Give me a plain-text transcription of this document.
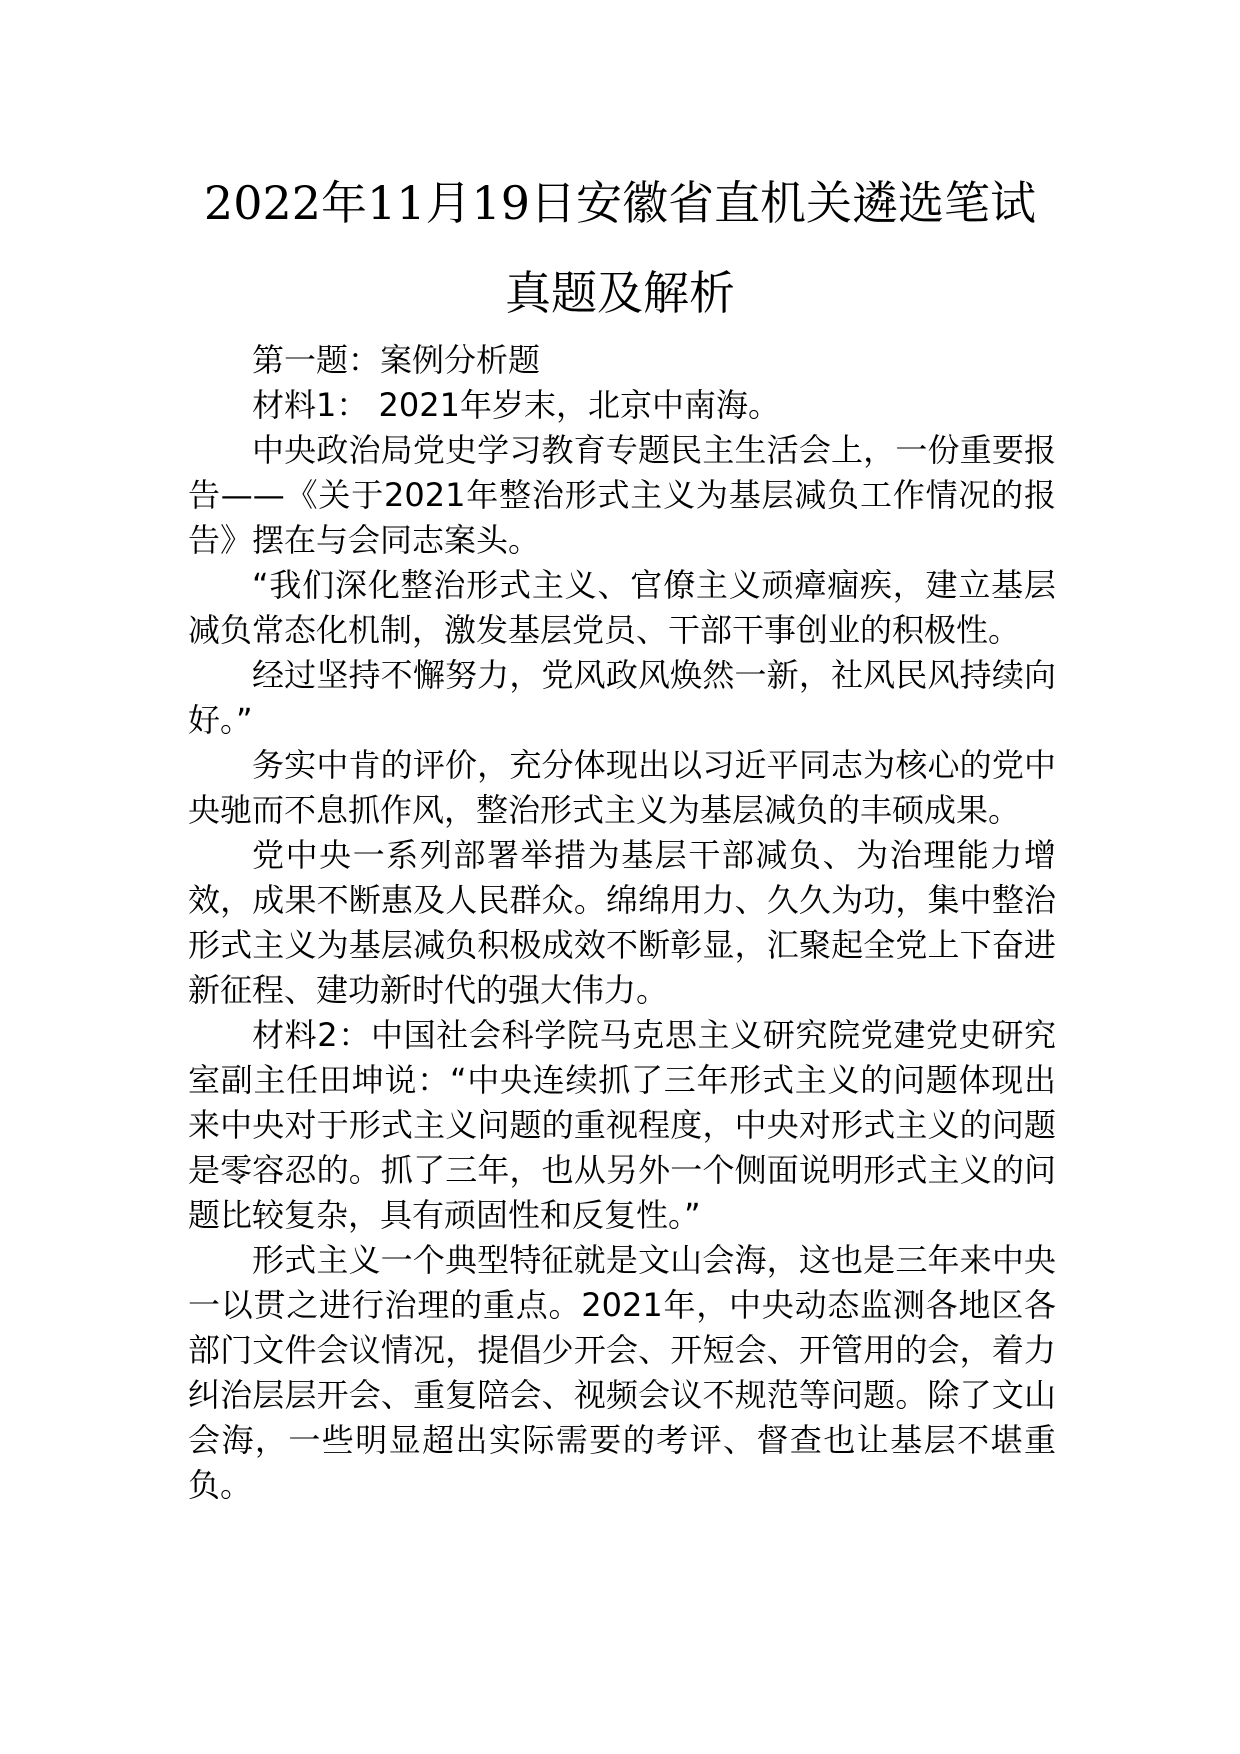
2022年11月19日安徽省直机关遴选笔试
真题及解析

第一题：案例分析题

材料1： 2021年岁末，北京中南海。

中央政治局党史学习教育专题民主生活会上，一份重要报告——《关于2021年整治形式主义为基层减负工作情况的报告》摆在与会同志案头。

“我们深化整治形式主义、官僚主义顽瘴痼疾，建立基层减负常态化机制，激发基层党员、干部干事创业的积极性。

经过坚持不懈努力，党风政风焕然一新，社风民风持续向好。”

务实中肯的评价，充分体现出以习近平同志为核心的党中央驰而不息抓作风，整治形式主义为基层减负的丰硕成果。

党中央一系列部署举措为基层干部减负、为治理能力增效，成果不断惠及人民群众。绵绵用力、久久为功，集中整治形式主义为基层减负积极成效不断彰显，汇聚起全党上下奋进新征程、建功新时代的强大伟力。

材料2：中国社会科学院马克思主义研究院党建党史研究室副主任田坤说：“中央连续抓了三年形式主义的问题体现出来中央对于形式主义问题的重视程度，中央对形式主义的问题是零容忍的。抓了三年，也从另外一个侧面说明形式主义的问题比较复杂，具有顽固性和反复性。”

形式主义一个典型特征就是文山会海，这也是三年来中央一以贯之进行治理的重点。2021年，中央动态监测各地区各部门文件会议情况，提倡少开会、开短会、开管用的会，着力纠治层层开会、重复陪会、视频会议不规范等问题。除了文山会海，一些明显超出实际需要的考评、督查也让基层不堪重负。
